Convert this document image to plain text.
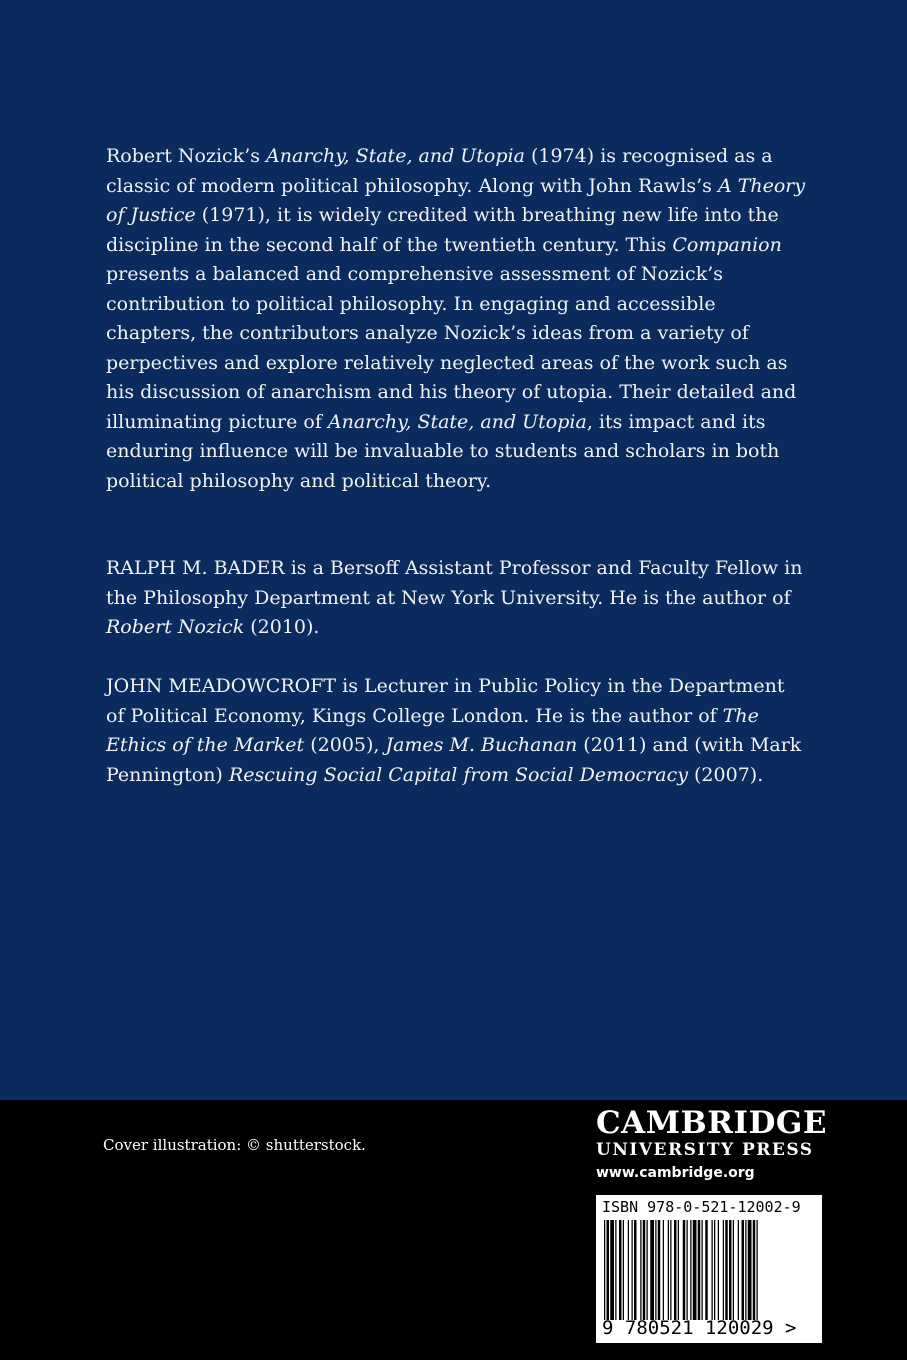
Robert Nozick’s Anarchy, State, and Utopia (1974) is recognised as a classic of modern political philosophy. Along with John Rawls’s A Theory of Justice (1971), it is widely credited with breathing new life into the discipline in the second half of the twentieth century. This Companion presents a balanced and comprehensive assessment of Nozick’s contribution to political philosophy. In engaging and accessible chapters, the contributors analyze Nozick’s ideas from a variety of perpectives and explore relatively neglected areas of the work such as his discussion of anarchism and his theory of utopia. Their detailed and illuminating picture of Anarchy, State, and Utopia, its impact and its enduring influence will be invaluable to students and scholars in both political philosophy and political theory.

RALPH M. BADER is a Bersoff Assistant Professor and Faculty Fellow in the Philosophy Department at New York University. He is the author of Robert Nozick (2010).

JOHN MEADOWCROFT is Lecturer in Public Policy in the Department of Political Economy, Kings College London. He is the author of The Ethics of the Market (2005), James M. Buchanan (2011) and (with Mark Pennington) Rescuing Social Capital from Social Democracy (2007).

Cover illustration: © shutterstock.
CAMBRIDGE
UNIVERSITY PRESS
www.cambridge.org
ISBN 978-0-521-12002-9
9 780521 120029 >
